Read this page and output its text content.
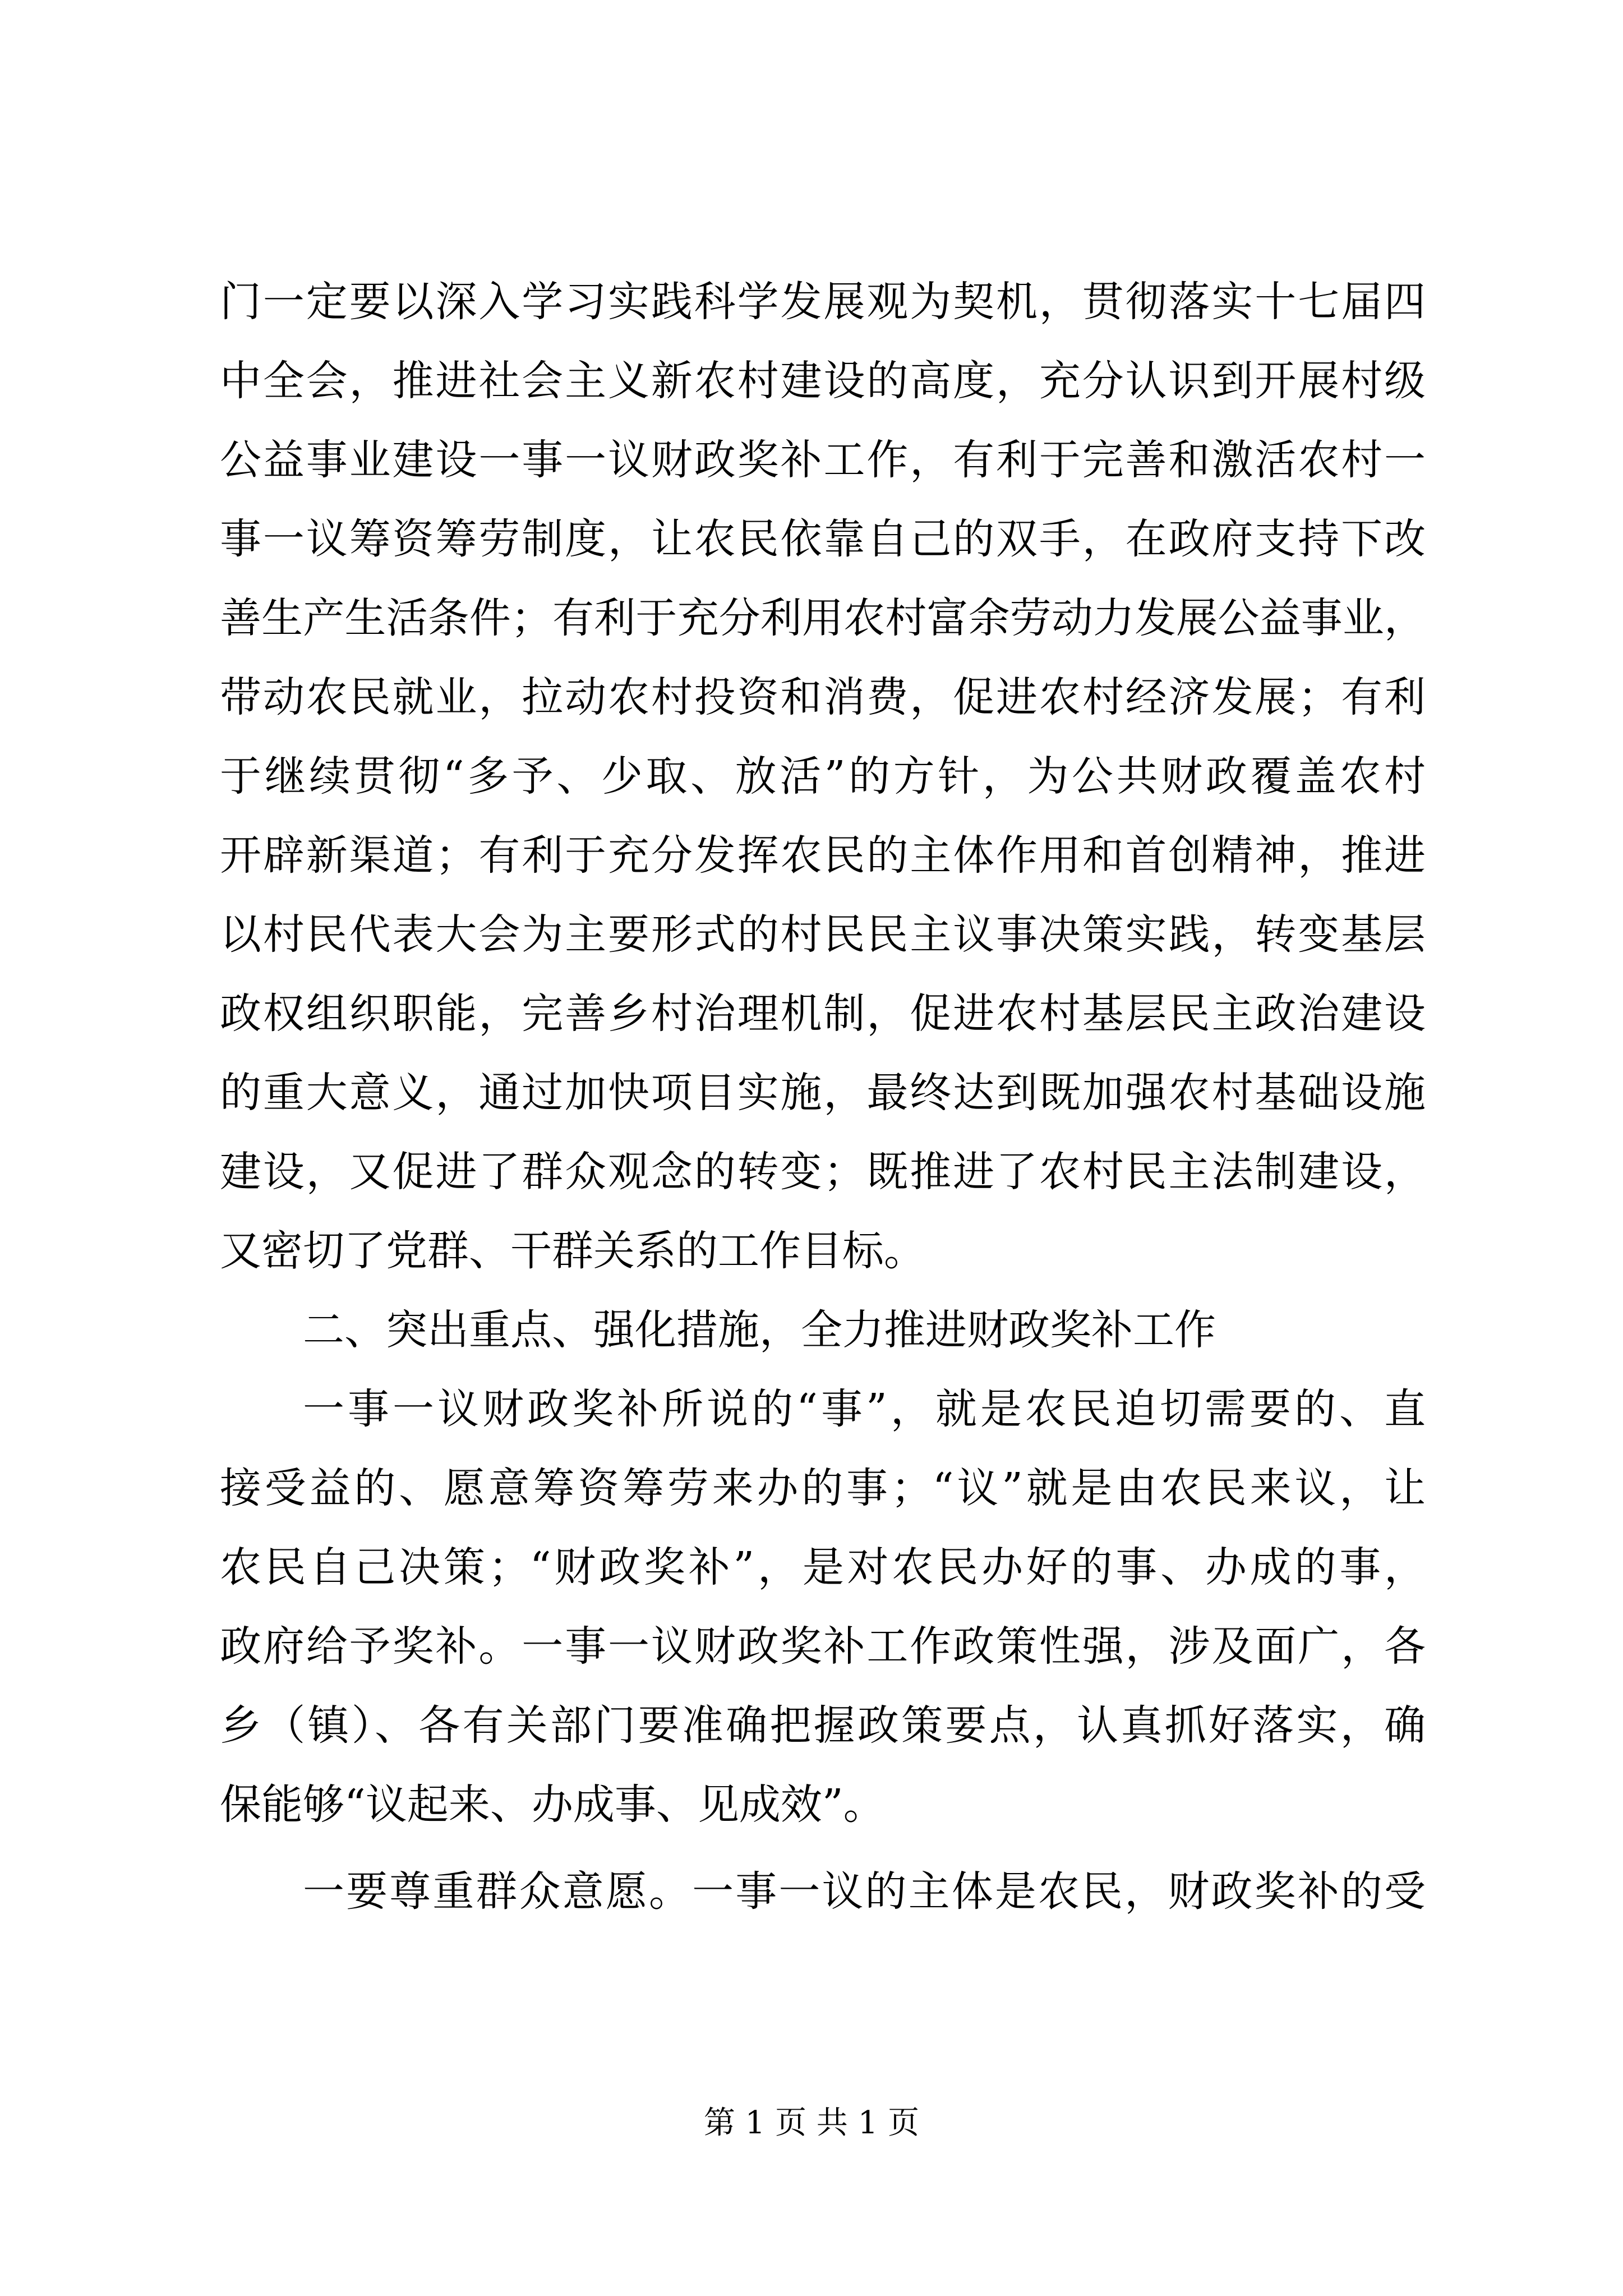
门一定要以深入学习实践科学发展观为契机，贯彻落实十七届四
中全会，推进社会主义新农村建设的高度，充分认识到开展村级
公益事业建设一事一议财政奖补工作，有利于完善和激活农村一
事一议筹资筹劳制度，让农民依靠自己的双手，在政府支持下改
善生产生活条件；有利于充分利用农村富余劳动力发展公益事业，
带动农民就业，拉动农村投资和消费，促进农村经济发展；有利
于继续贯彻“多予、少取、放活”的方针，为公共财政覆盖农村
开辟新渠道；有利于充分发挥农民的主体作用和首创精神，推进
以村民代表大会为主要形式的村民民主议事决策实践，转变基层
政权组织职能，完善乡村治理机制，促进农村基层民主政治建设
的重大意义，通过加快项目实施，最终达到既加强农村基础设施
建设，又促进了群众观念的转变；既推进了农村民主法制建设，
又密切了党群、干群关系的工作目标。
二、突出重点、强化措施，全力推进财政奖补工作
一事一议财政奖补所说的“事”，就是农民迫切需要的、直
接受益的、愿意筹资筹劳来办的事；“议”就是由农民来议，让
农民自己决策；“财政奖补”，是对农民办好的事、办成的事，
政府给予奖补。一事一议财政奖补工作政策性强，涉及面广，各
乡（镇）、各有关部门要准确把握政策要点，认真抓好落实，确
保能够“议起来、办成事、见成效”。
一要尊重群众意愿。一事一议的主体是农民，财政奖补的受
第 1 页 共 1 页
